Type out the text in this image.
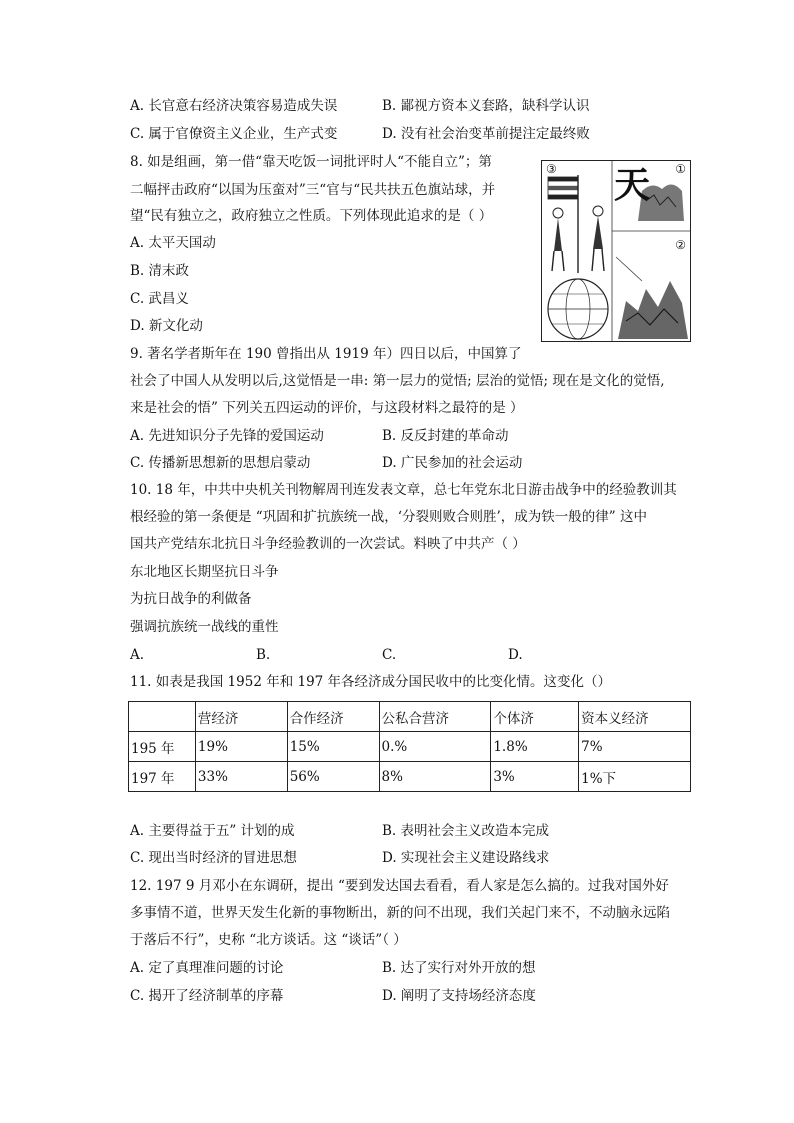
A. 长官意右经济决策容易造成失误	B. 鄙视方资本义套路，缺科学认识
C. 属于官僚资主义企业，生产式变	D. 没有社会治变革前提注定最终败
8. 如是组画，第一借“靠天吃饭一词批评时人“不能自立”；第
二幅抨击政府“以国为压蛮对”三“官与“民共扶五色旗站球，并
望“民有独立之，政府独立之性质。下列体现此追求的是（ ）
A. 太平天国动
B. 清末政
C. 武昌义
D. 新文化动
③	①
②
天
9. 著名学者斯年在 190 曾指出从 1919 年）四日以后，中国算了
社会了中国人从发明以后,这觉悟是一串: 第一层力的觉悟; 层治的觉悟; 现在是文化的觉悟,
来是社会的悟” 下列关五四运动的评价，与这段材料之最符的是 ）
A. 先进知识分子先锋的爱国运动	B. 反反封建的革命动
C. 传播新思想新的思想启蒙动	D. 广民参加的社会运动
10. 18 年，中共中央机关刊物解周刊连发表文章，总七年党东北日游击战争中的经验教训其
根经验的第一条便是 “巩固和扩抗族统一战，‘分裂则败合则胜’，成为铁一般的律” 这中
国共产党结东北抗日斗争经验教训的一次尝试。料映了中共产（ ）
东北地区长期坚抗日斗争
为抗日战争的利做备
强调抗族统一战线的重性
A.	B.	C.	D.
11. 如表是我国 1952 年和 197 年各经济成分国民收中的比变化情。这变化（）
	营经济	合作经济	公私合营济	个体济	资本义经济
195 年	19%	15%	0.%	1.8%	7%
197 年	33%	56%	8%	3%	1%下
A. 主要得益于五” 计划的成	B. 表明社会主义改造本完成
C. 现出当时经济的冒进思想	D. 实现社会主义建设路线求
12. 197 9 月邓小在东调研，提出 “要到发达国去看看，看人家是怎么搞的。过我对国外好
多事情不道，世界天发生化新的事物断出，新的问不出现，我们关起门来不，不动脑永远陷
于落后不行”，史称 “北方谈话。这 “谈话”（ ）
A. 定了真理准问题的讨论	B. 达了实行对外开放的想
C. 揭开了经济制革的序幕	D. 阐明了支持场经济态度
